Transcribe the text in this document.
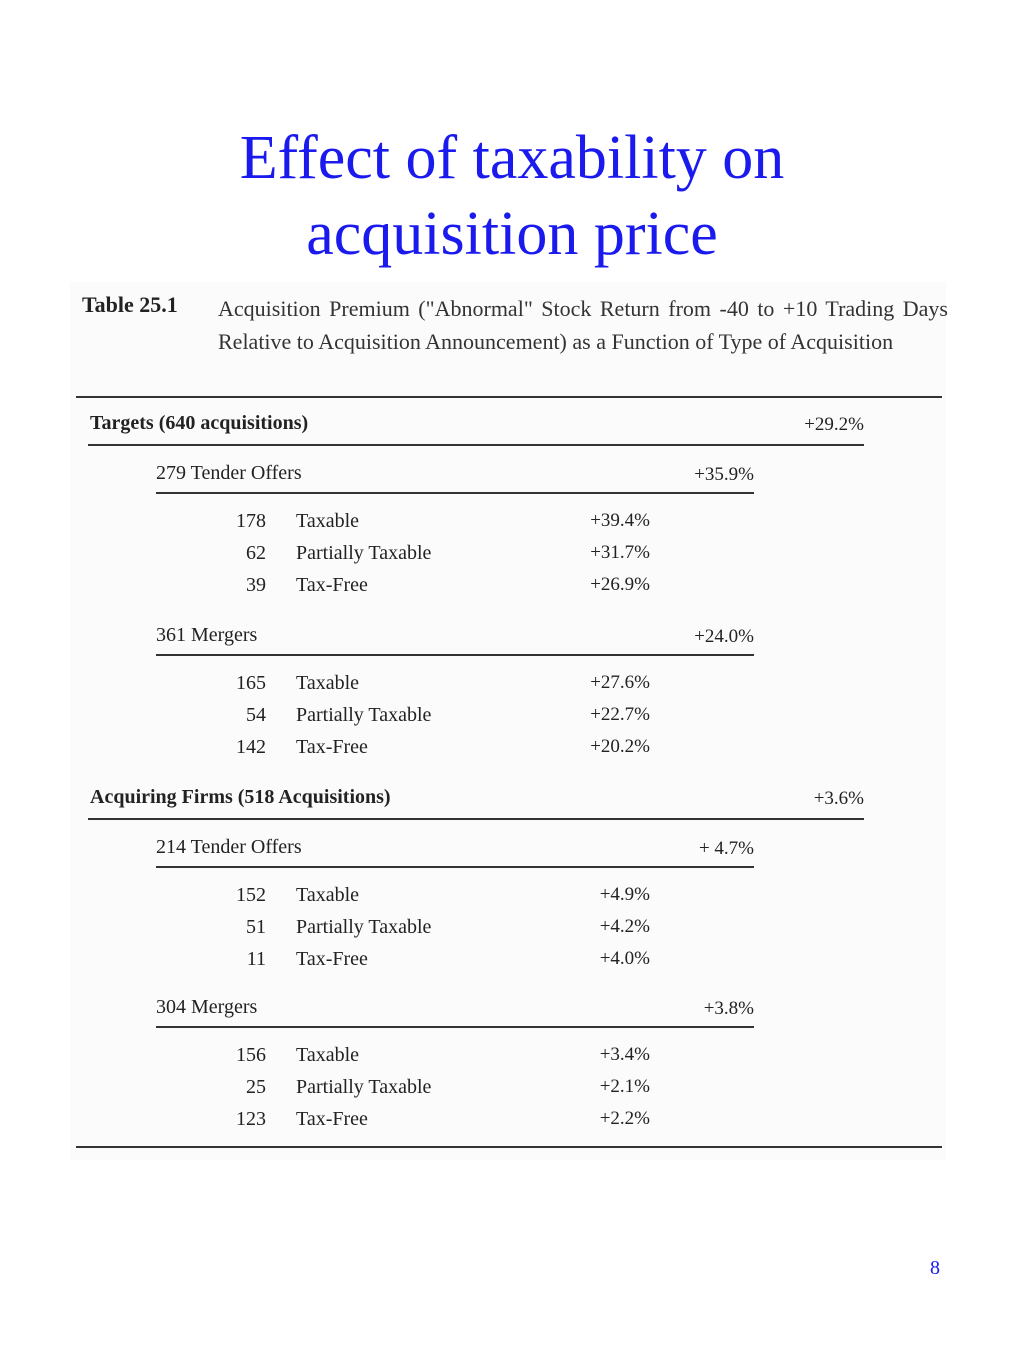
Effect of taxability on
acquisition price
Table 25.1 Acquisition Premium ("Abnormal" Stock Return from -40 to +10 Trading Days Relative to Acquisition Announcement) as a Function of Type of Acquisition
Targets (640 acquisitions)	+29.2%
279 Tender Offers	+35.9%
178 Taxable	+39.4%
62 Partially Taxable	+31.7%
39 Tax-Free	+26.9%
361 Mergers	+24.0%
165 Taxable	+27.6%
54 Partially Taxable	+22.7%
142 Tax-Free	+20.2%
Acquiring Firms (518 Acquisitions)	+3.6%
214 Tender Offers	+ 4.7%
152 Taxable	+4.9%
51 Partially Taxable	+4.2%
11 Tax-Free	+4.0%
304 Mergers	+3.8%
156 Taxable	+3.4%
25 Partially Taxable	+2.1%
123 Tax-Free	+2.2%
8
